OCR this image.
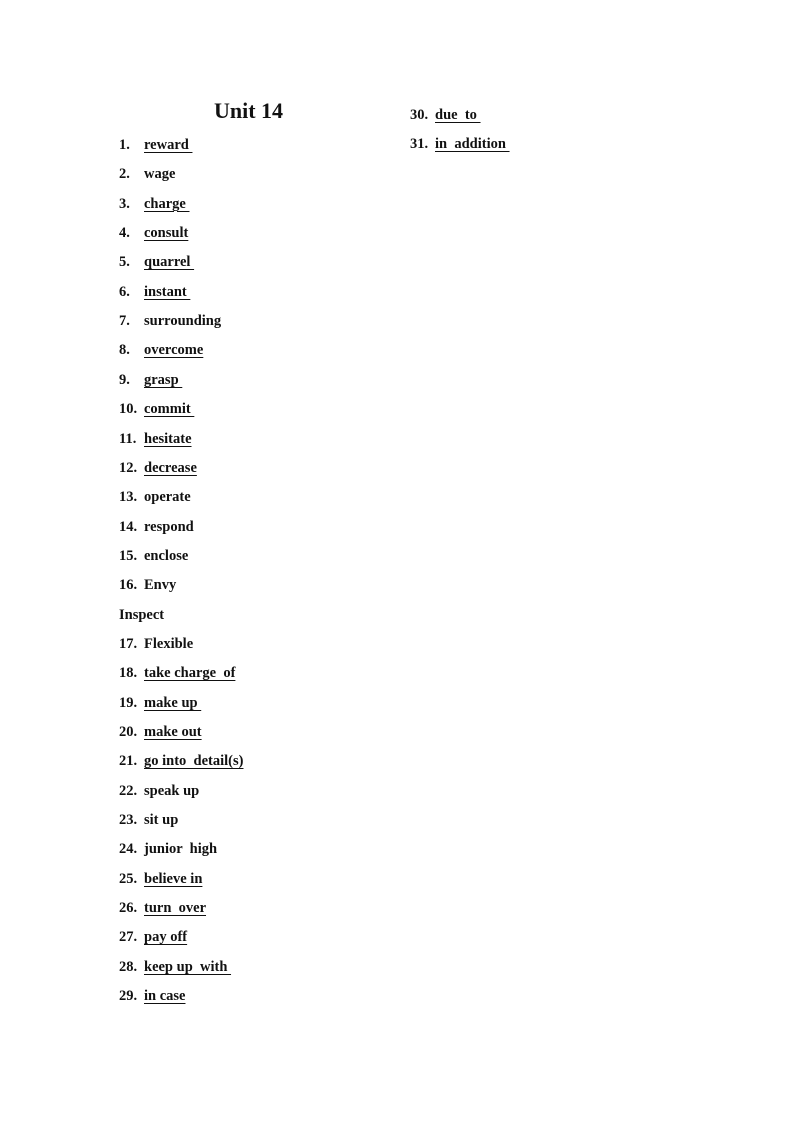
Unit 14
1. reward
2. wage
3. charge
4. consult
5. quarrel
6. instant
7. surrounding
8. overcome
9. grasp
10. commit
11. hesitate
12. decrease
13. operate
14. respond
15. enclose
16. Envy
Inspect
17. Flexible
18. take charge  of
19. make up
20. make out
21. go into  detail(s)
22. speak up
23. sit up
24. junior  high
25. believe in
26. turn  over
27. pay off
28. keep up  with
29. in case
30. due  to
31. in  addition
